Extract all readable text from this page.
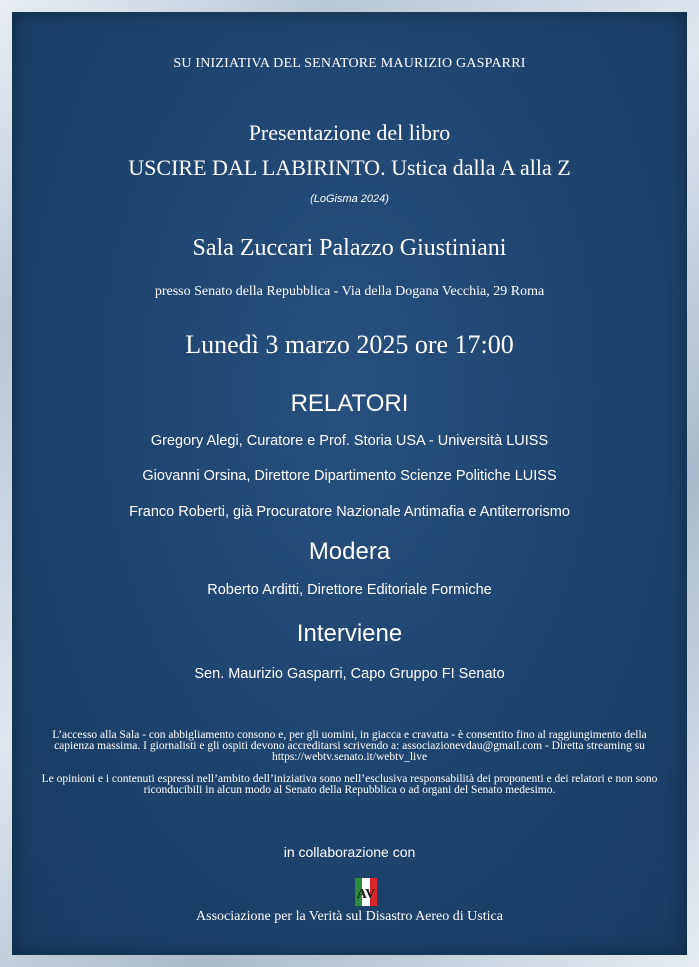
SU INIZIATIVA DEL SENATORE MAURIZIO GASPARRI
Presentazione del libro
USCIRE DAL LABIRINTO. Ustica dalla A alla Z
(LoGisma 2024)
Sala Zuccari Palazzo Giustiniani
presso Senato della Repubblica - Via della Dogana Vecchia, 29 Roma
Lunedì 3 marzo 2025 ore 17:00
RELATORI
Gregory Alegi, Curatore e Prof. Storia USA - Università LUISS
Giovanni Orsina, Direttore Dipartimento Scienze Politiche LUISS
Franco Roberti, già Procuratore Nazionale Antimafia e Antiterrorismo
Modera
Roberto Arditti, Direttore Editoriale Formiche
Interviene
Sen. Maurizio Gasparri, Capo Gruppo FI Senato
L’accesso alla Sala - con abbigliamento consono e, per gli uomini, in giacca e cravatta - è consentito fino al raggiungimento della capienza massima. I giornalisti e gli ospiti devono accreditarsi scrivendo a: associazionevdau@gmail.com - Diretta streaming su https://webtv.senato.it/webtv_live
Le opinioni e i contenuti espressi nell’ambito dell’iniziativa sono nell’esclusiva responsabilità dei proponenti e dei relatori e non sono riconducibili in alcun modo al Senato della Repubblica o ad organi del Senato medesimo.
in collaborazione con
AV
Associazione per la Verità sul Disastro Aereo di Ustica
